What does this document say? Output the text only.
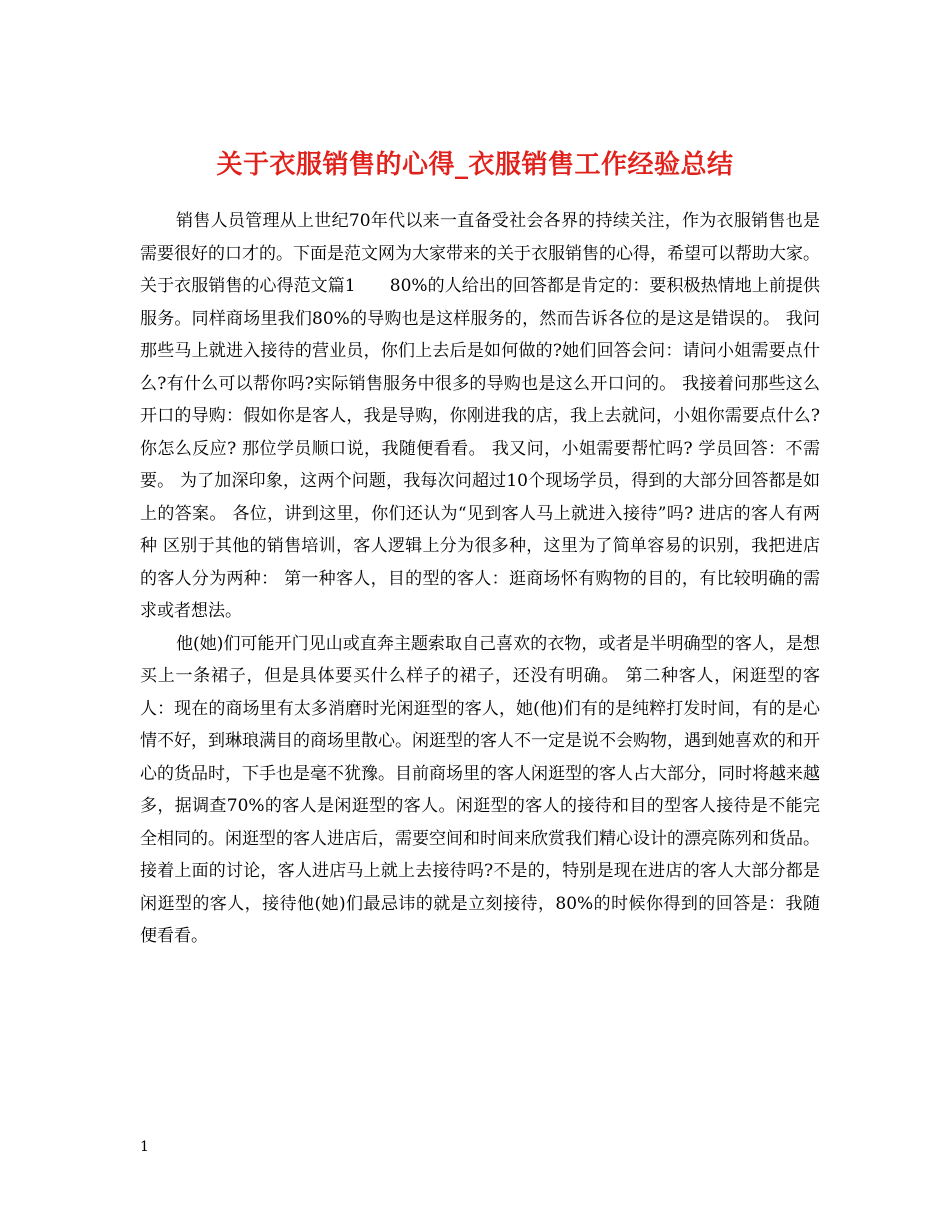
关于衣服销售的心得_衣服销售工作经验总结

销售人员管理从上世纪70年代以来一直备受社会各界的持续关注，作为衣服销售也是需要很好的口才的。下面是范文网为大家带来的关于衣服销售的心得，希望可以帮助大家。

关于衣服销售的心得范文篇1　　80%的人给出的回答都是肯定的：要积极热情地上前提供服务。同样商场里我们80%的导购也是这样服务的，然而告诉各位的是这是错误的。 我问那些马上就进入接待的营业员，你们上去后是如何做的?她们回答会问：请问小姐需要点什么?有什么可以帮你吗?实际销售服务中很多的导购也是这么开口问的。 我接着问那些这么开口的导购：假如你是客人，我是导购，你刚进我的店，我上去就问，小姐你需要点什么?你怎么反应? 那位学员顺口说，我随便看看。 我又问，小姐需要帮忙吗? 学员回答：不需要。 为了加深印象，这两个问题，我每次问超过10个现场学员，得到的大部分回答都是如上的答案。 各位，讲到这里，你们还认为“见到客人马上就进入接待”吗? 进店的客人有两种 区别于其他的销售培训，客人逻辑上分为很多种，这里为了简单容易的识别，我把进店的客人分为两种： 第一种客人，目的型的客人：逛商场怀有购物的目的，有比较明确的需求或者想法。

他(她)们可能开门见山或直奔主题索取自己喜欢的衣物，或者是半明确型的客人，是想买上一条裙子，但是具体要买什么样子的裙子，还没有明确。 第二种客人，闲逛型的客人：现在的商场里有太多消磨时光闲逛型的客人，她(他)们有的是纯粹打发时间，有的是心情不好，到琳琅满目的商场里散心。闲逛型的客人不一定是说不会购物，遇到她喜欢的和开心的货品时，下手也是毫不犹豫。目前商场里的客人闲逛型的客人占大部分，同时将越来越多，据调查70%的客人是闲逛型的客人。闲逛型的客人的接待和目的型客人接待是不能完全相同的。闲逛型的客人进店后，需要空间和时间来欣赏我们精心设计的漂亮陈列和货品。 接着上面的讨论，客人进店马上就上去接待吗?不是的，特别是现在进店的客人大部分都是闲逛型的客人，接待他(她)们最忌讳的就是立刻接待，80%的时候你得到的回答是：我随便看看。

1
